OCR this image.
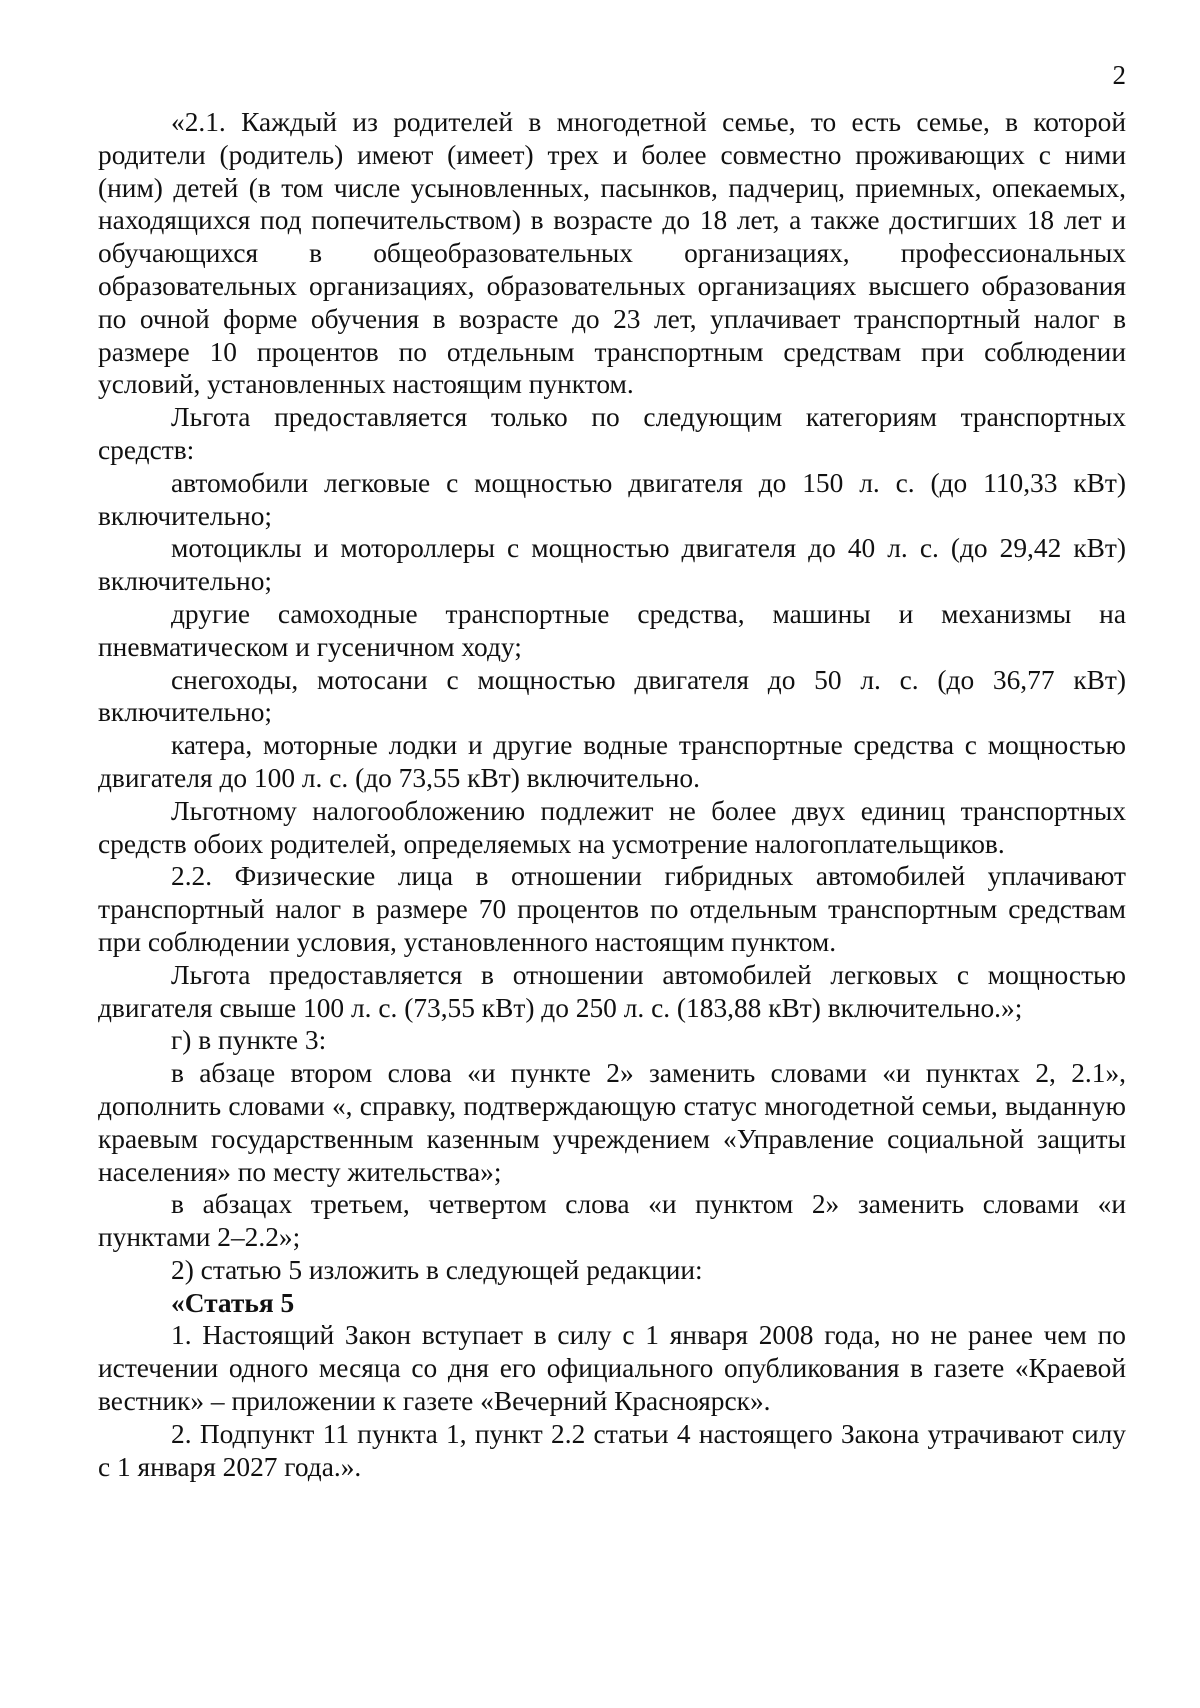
2

«2.1. Каждый из родителей в многодетной семье, то есть семье, в которой родители (родитель) имеют (имеет) трех и более совместно проживающих с ними (ним) детей (в том числе усыновленных, пасынков, падчериц, приемных, опекаемых, находящихся под попечительством) в возрасте до 18 лет, а также достигших 18 лет и обучающихся в общеобразовательных организациях, профессиональных образовательных организациях, образовательных организациях высшего образования по очной форме обучения в возрасте до 23 лет, уплачивает транспортный налог в размере 10 процентов по отдельным транспортным средствам при соблюдении условий, установленных настоящим пунктом.

Льгота предоставляется только по следующим категориям транспортных средств:

автомобили легковые с мощностью двигателя до 150 л. с. (до 110,33 кВт) включительно;

мотоциклы и мотороллеры с мощностью двигателя до 40 л. с. (до 29,42 кВт) включительно;

другие самоходные транспортные средства, машины и механизмы на пневматическом и гусеничном ходу;

снегоходы, мотосани с мощностью двигателя до 50 л. с. (до 36,77 кВт) включительно;

катера, моторные лодки и другие водные транспортные средства с мощностью двигателя до 100 л. с. (до 73,55 кВт) включительно.

Льготному налогообложению подлежит не более двух единиц транспортных средств обоих родителей, определяемых на усмотрение налогоплательщиков.

2.2. Физические лица в отношении гибридных автомобилей уплачивают транспортный налог в размере 70 процентов по отдельным транспортным средствам при соблюдении условия, установленного настоящим пунктом.

Льгота предоставляется в отношении автомобилей легковых с мощностью двигателя свыше 100 л. с. (73,55 кВт) до 250 л. с. (183,88 кВт) включительно.»;

г) в пункте 3:

в абзаце втором слова «и пункте 2» заменить словами «и пунктах 2, 2.1», дополнить словами «, справку, подтверждающую статус многодетной семьи, выданную краевым государственным казенным учреждением «Управление социальной защиты населения» по месту жительства»;

в абзацах третьем, четвертом слова «и пунктом 2» заменить словами «и пунктами 2–2.2»;

2) статью 5 изложить в следующей редакции:

«Статья 5

1. Настоящий Закон вступает в силу с 1 января 2008 года, но не ранее чем по истечении одного месяца со дня его официального опубликования в газете «Краевой вестник» – приложении к газете «Вечерний Красноярск».

2. Подпункт 11 пункта 1, пункт 2.2 статьи 4 настоящего Закона утрачивают силу с 1 января 2027 года.».
